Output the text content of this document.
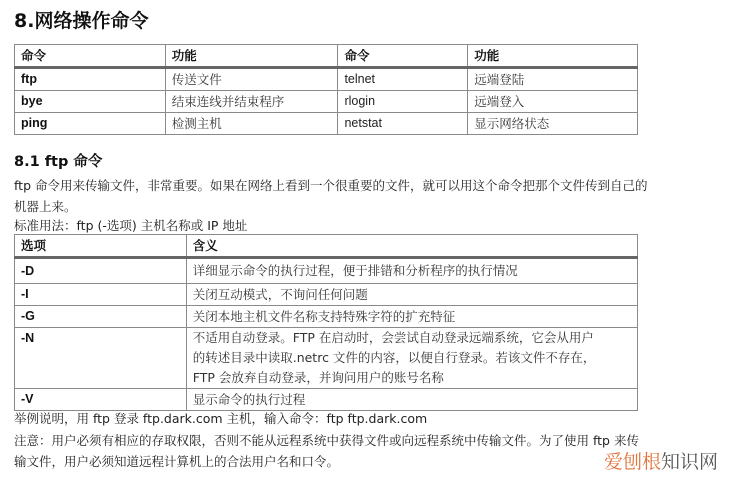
8.网络操作命令
命令	功能	命令	功能
ftp	传送文件	telnet	远端登陆
bye	结束连线并结束程序	rlogin	远端登入
ping	检测主机	netstat	显示网络状态
8.1 ftp 命令
ftp 命令用来传输文件，非常重要。如果在网络上看到一个很重要的文件，就可以用这个命令把那个文件传到自己的
机器上来。
标准用法：ftp (-选项) 主机名称或 IP 地址
选项	含义
-D	详细显示命令的执行过程，便于排错和分析程序的执行情况
-I	关闭互动模式，不询问任何问题
-G	关闭本地主机文件名称支持特殊字符的扩充特征
-N	不适用自动登录。FTP 在启动时，会尝试自动登录远端系统，它会从用户
的转述目录中读取.netrc 文件的内容，以便自行登录。若该文件不存在，
FTP 会放弃自动登录，并询问用户的账号名称

-V	显示命令的执行过程
举例说明，用 ftp 登录 ftp.dark.com 主机，输入命令：ftp ftp.dark.com
注意：用户必须有相应的存取权限，否则不能从远程系统中获得文件或向远程系统中传输文件。为了使用 ftp 来传
输文件，用户必须知道远程计算机上的合法用户名和口令。	爱刨根知识网
